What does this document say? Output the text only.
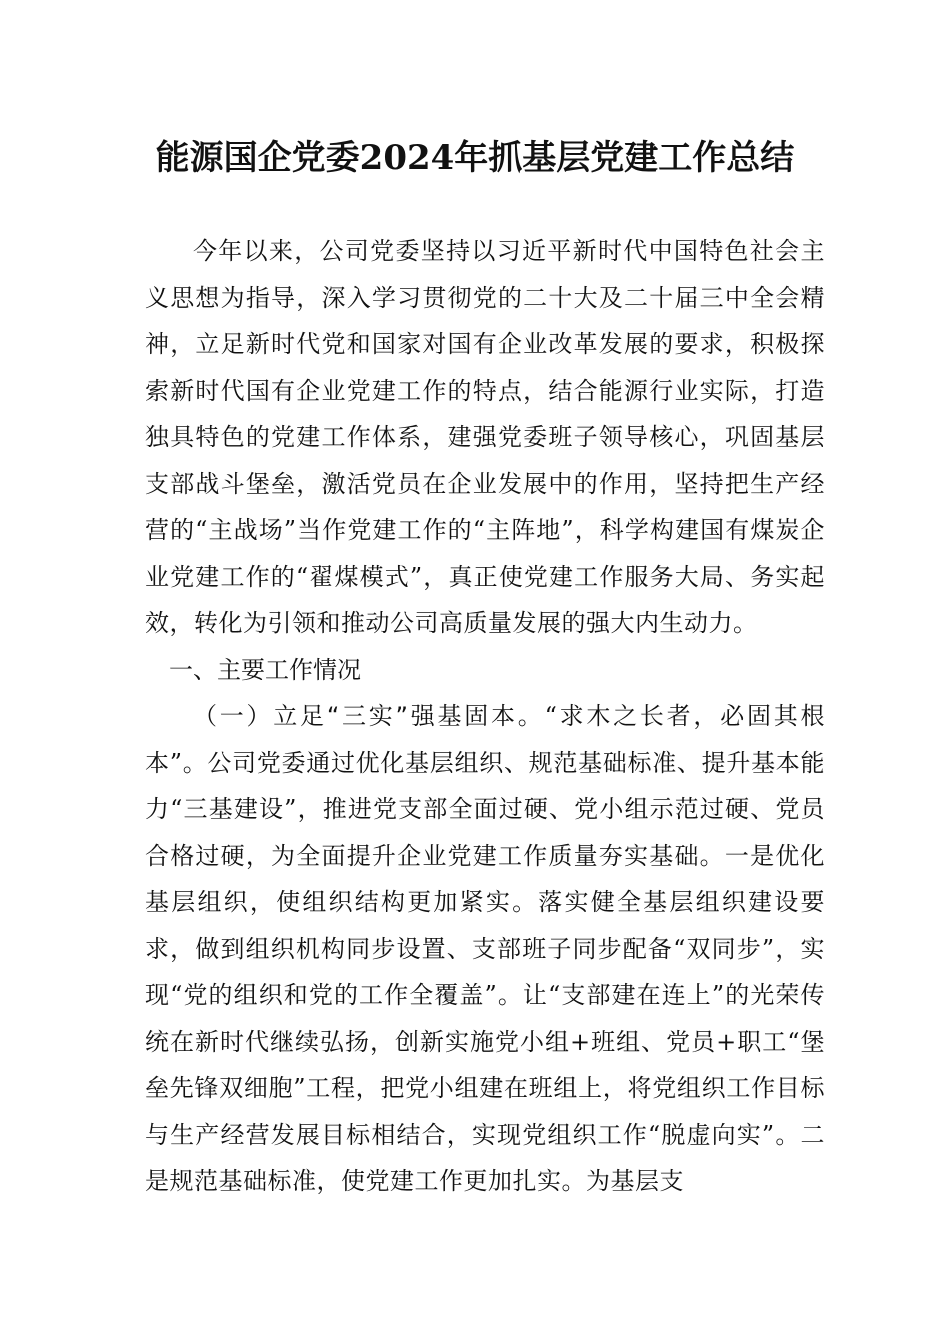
能源国企党委2024年抓基层党建工作总结

今年以来，公司党委坚持以习近平新时代中国特色社会主义思想为指导，深入学习贯彻党的二十大及二十届三中全会精神，立足新时代党和国家对国有企业改革发展的要求，积极探索新时代国有企业党建工作的特点，结合能源行业实际，打造独具特色的党建工作体系，建强党委班子领导核心，巩固基层支部战斗堡垒，激活党员在企业发展中的作用，坚持把生产经营的“主战场”当作党建工作的“主阵地”，科学构建国有煤炭企业党建工作的“翟煤模式”，真正使党建工作服务大局、务实起效，转化为引领和推动公司高质量发展的强大内生动力。

一、主要工作情况

（一）立足“三实”强基固本。“求木之长者，必固其根本”。公司党委通过优化基层组织、规范基础标准、提升基本能力“三基建设”，推进党支部全面过硬、党小组示范过硬、党员合格过硬，为全面提升企业党建工作质量夯实基础。一是优化基层组织，使组织结构更加紧实。落实健全基层组织建设要求，做到组织机构同步设置、支部班子同步配备“双同步”，实现“党的组织和党的工作全覆盖”。让“支部建在连上”的光荣传统在新时代继续弘扬，创新实施党小组+班组、党员+职工“堡垒先锋双细胞”工程，把党小组建在班组上，将党组织工作目标与生产经营发展目标相结合，实现党组织工作“脱虚向实”。二是规范基础标准，使党建工作更加扎实。为基层支
